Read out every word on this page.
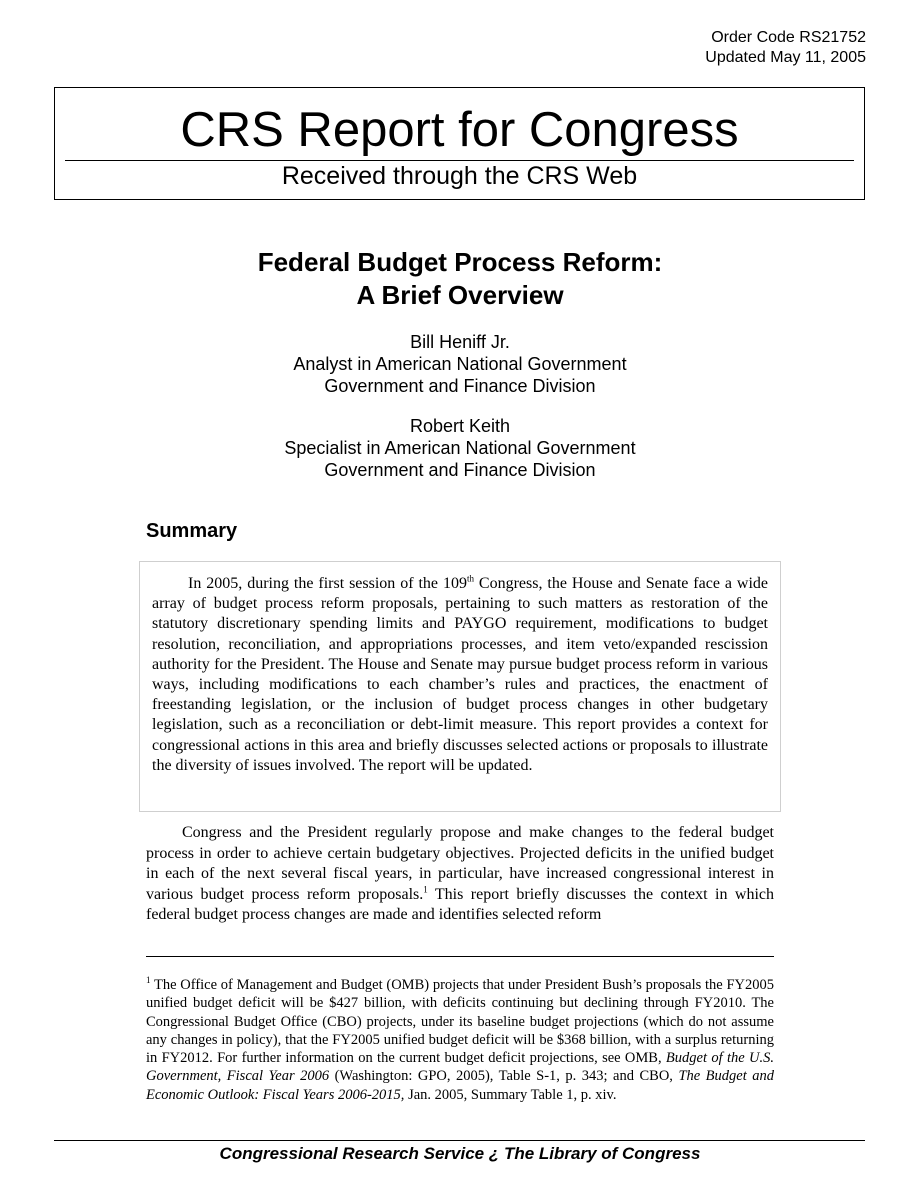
Order Code RS21752
Updated May 11, 2005
CRS Report for Congress
Received through the CRS Web
Federal Budget Process Reform:
A Brief Overview
Bill Heniff Jr.
Analyst in American National Government
Government and Finance Division
Robert Keith
Specialist in American National Government
Government and Finance Division
Summary
In 2005, during the first session of the 109th Congress, the House and Senate face a wide array of budget process reform proposals, pertaining to such matters as restoration of the statutory discretionary spending limits and PAYGO requirement, modifications to budget resolution, reconciliation, and appropriations processes, and item veto/expanded rescission authority for the President. The House and Senate may pursue budget process reform in various ways, including modifications to each chamber’s rules and practices, the enactment of freestanding legislation, or the inclusion of budget process changes in other budgetary legislation, such as a reconciliation or debt-limit measure. This report provides a context for congressional actions in this area and briefly discusses selected actions or proposals to illustrate the diversity of issues involved. The report will be updated.
Congress and the President regularly propose and make changes to the federal budget process in order to achieve certain budgetary objectives. Projected deficits in the unified budget in each of the next several fiscal years, in particular, have increased congressional interest in various budget process reform proposals.$^1$ This report briefly discusses the context in which federal budget process changes are made and identifies selected reform
$^1$ The Office of Management and Budget (OMB) projects that under President Bush’s proposals the FY2005 unified budget deficit will be $427 billion, with deficits continuing but declining through FY2010. The Congressional Budget Office (CBO) projects, under its baseline budget projections (which do not assume any changes in policy), that the FY2005 unified budget deficit will be $368 billion, with a surplus returning in FY2012. For further information on the current budget deficit projections, see OMB, Budget of the U.S. Government, Fiscal Year 2006 (Washington: GPO, 2005), Table S-1, p. 343; and CBO, The Budget and Economic Outlook: Fiscal Years 2006-2015, Jan. 2005, Summary Table 1, p. xiv.
Congressional Research Service ¿ The Library of Congress
